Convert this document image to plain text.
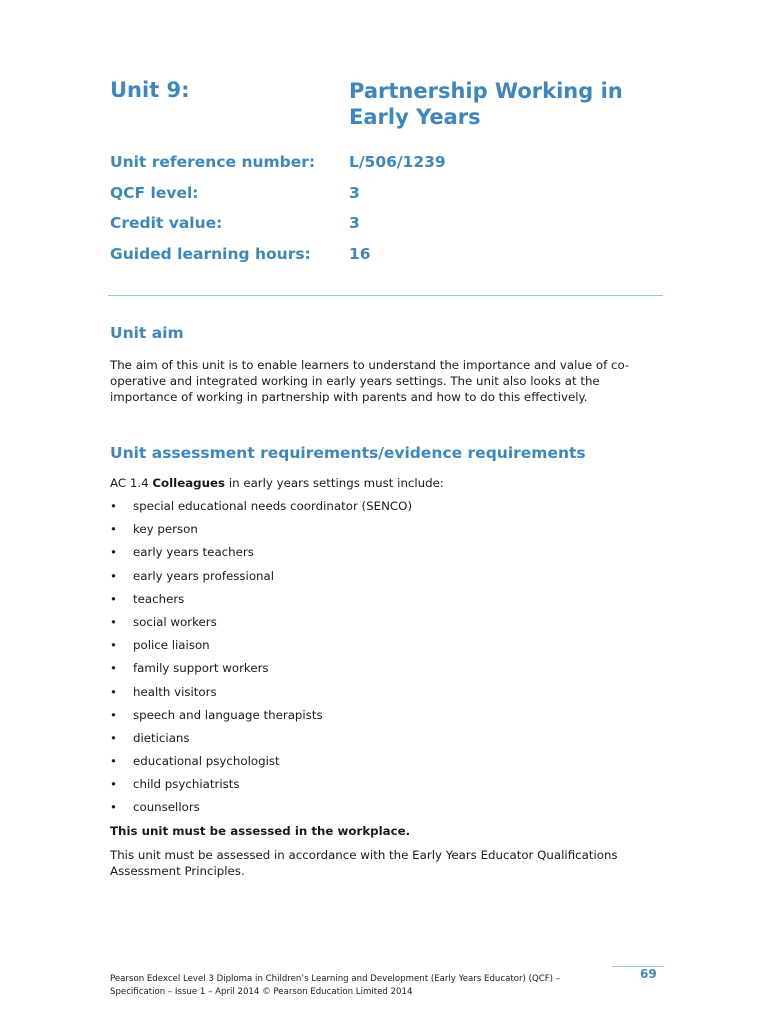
Unit 9:	Partnership Working in Early Years
Unit reference number:	L/506/1239
QCF level:	3
Credit value:	3
Guided learning hours:	16
Unit aim
The aim of this unit is to enable learners to understand the importance and value of co-operative and integrated working in early years settings. The unit also looks at the importance of working in partnership with parents and how to do this effectively.
Unit assessment requirements/evidence requirements
AC 1.4 Colleagues in early years settings must include:
• special educational needs coordinator (SENCO)
• key person
• early years teachers
• early years professional
• teachers
• social workers
• police liaison
• family support workers
• health visitors
• speech and language therapists
• dieticians
• educational psychologist
• child psychiatrists
• counsellors
This unit must be assessed in the workplace.
This unit must be assessed in accordance with the Early Years Educator Qualifications Assessment Principles.
Pearson Edexcel Level 3 Diploma in Children’s Learning and Development (Early Years Educator) (QCF) –
Specification – Issue 1 – April 2014 © Pearson Education Limited 2014
69
